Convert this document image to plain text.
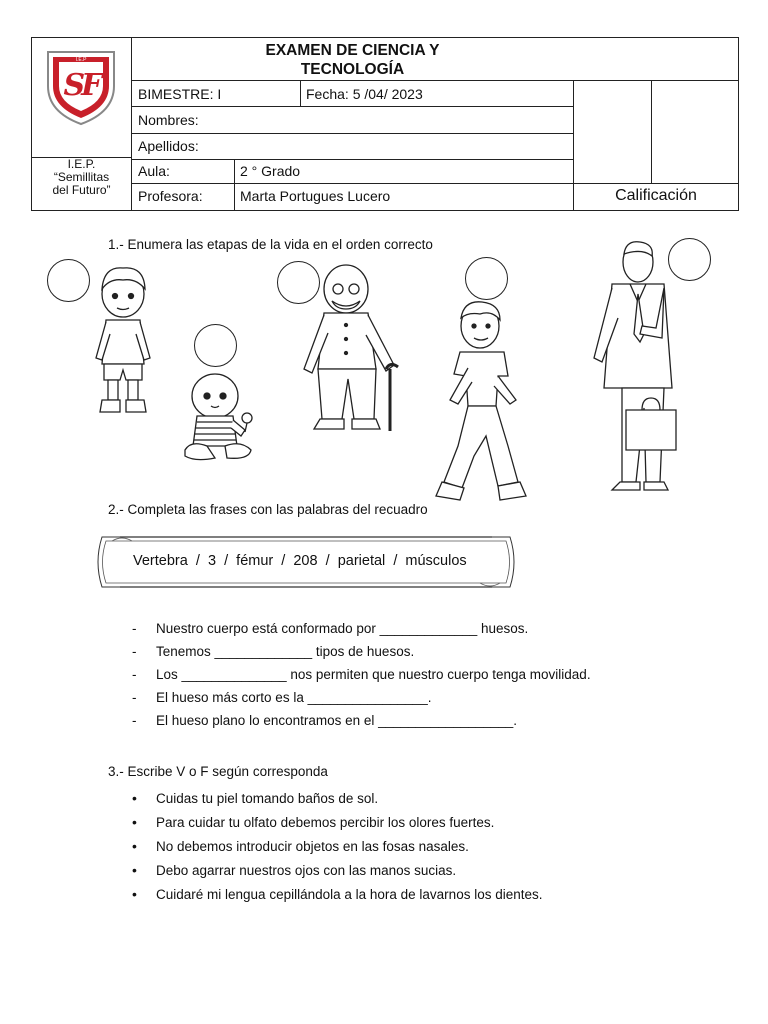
I.E.P
SF
I.E.P.
“Semillitas
del Futuro”
EXAMEN DE CIENCIA Y
TECNOLOGÍA
BIMESTRE: I	Fecha: 5 /04/ 2023
Nombres:
Apellidos:
Aula:	2 ° Grado
Profesora:	Marta Portugues Lucero	Calificación
1.- Enumera las etapas de la vida en el orden correcto
2.- Completa las frases con las palabras del recuadro
Vertebra  /  3  /  fémur  /  208  /  parietal  /  músculos
- Nuestro cuerpo está conformado por _____________ huesos.
- Tenemos _____________ tipos de huesos.
- Los ______________ nos permiten que nuestro cuerpo tenga movilidad.
- El hueso más corto es la ________________.
- El hueso plano lo encontramos en el __________________.
3.- Escribe V o F según corresponda
• Cuidas tu piel tomando baños de sol.
• Para cuidar tu olfato debemos percibir los olores fuertes.
• No debemos introducir objetos en las fosas nasales.
• Debo agarrar nuestros ojos con las manos sucias.
• Cuidaré mi lengua cepillándola a la hora de lavarnos los dientes.
